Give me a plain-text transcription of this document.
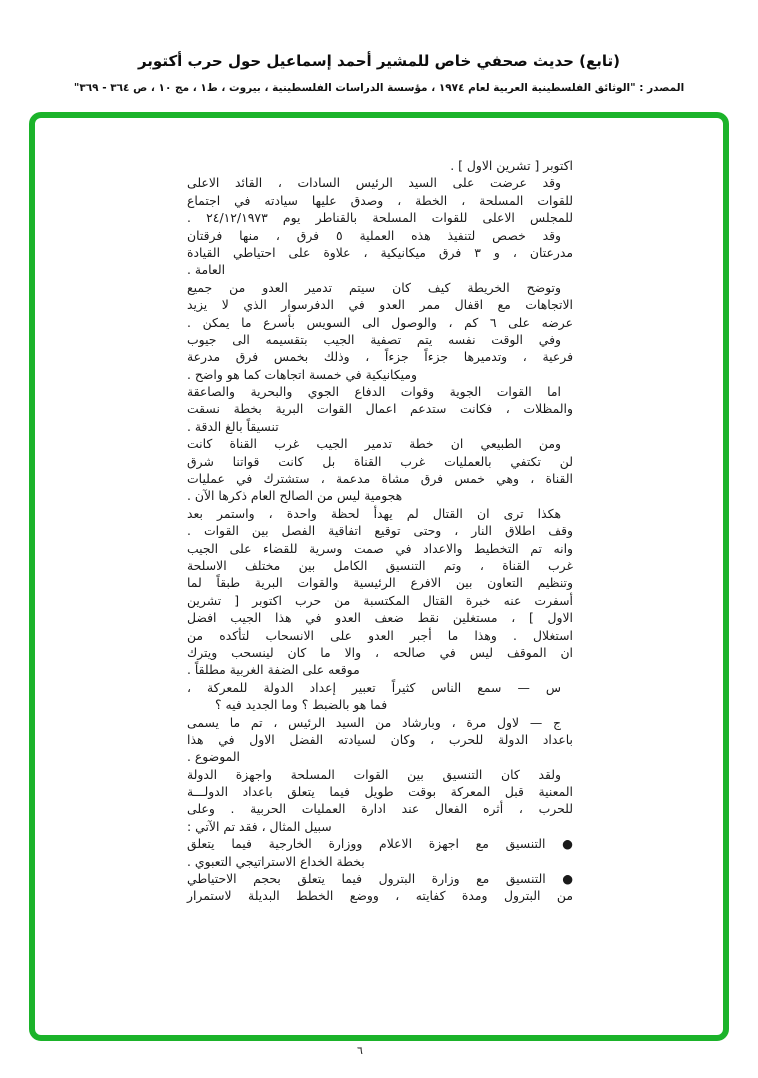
(تابع) حديث صحفي خاص للمشير أحمد إسماعيل حول حرب أكتوبر
المصدر : "الوثائق الفلسطينية العربية لعام ١٩٧٤ ، مؤسسة الدراسات الفلسطينية ، بيروت ، ط١ ، مج ١٠ ، ص ٣٦٤ - ٣٦٩"
اكتوبر [ تشرين الاول ] .
وقد عرضت على السيد الرئيس السادات ، القائد الاعلى
للقوات المسلحة ، الخطة ، وصدق عليها سيادته في اجتماع
للمجلس الاعلى للقوات المسلحة بالقناطر يوم ٢٤/١٢/١٩٧٣ .
وقد خصص لتنفيذ هذه العملية ٥ فرق ، منها فرقتان
مدرعتان ، و ٣ فرق ميكانيكية ، علاوة على احتياطي القيادة
العامة .
وتوضح الخريطة كيف كان سيتم تدمير العدو من جميع
الاتجاهات مع اقفال ممر العدو في الدفرسوار الذي لا يزيد
عرضه على ٦ كم ، والوصول الى السويس بأسرع ما يمكن .
وفي الوقت نفسه يتم تصفية الجيب بتقسيمه الى جيوب
فرعية ، وتدميرها جزءاً جزءاً ، وذلك بخمس فرق مدرعة
وميكانيكية في خمسة اتجاهات كما هو واضح .
اما القوات الجوية وقوات الدفاع الجوي والبحرية والصاعقة
والمظلات ، فكانت ستدعم اعمال القوات البرية بخطة نسقت
تنسيقاً بالغ الدقة .
ومن الطبيعي ان خطة تدمير الجيب غرب القناة كانت
لن تكتفي بالعمليات غرب القناة بل كانت قواتنا شرق
القناة ، وهي خمس فرق مشاة مدعمة ، ستشترك في عمليات
هجومية ليس من الصالح العام ذكرها الآن .
هكذا ترى ان القتال لم يهدأ لحظة واحدة ، واستمر بعد
وقف اطلاق النار ، وحتى توقيع اتفاقية الفصل بين القوات .
وانه تم التخطيط والاعداد في صمت وسرية للقضاء على الجيب
غرب القناة ، وتم التنسيق الكامل بين مختلف الاسلحة
وتنظيم التعاون بين الافرع الرئيسية والقوات البرية طبقاً لما
أسفرت عنه خبرة القتال المكتسبة من حرب اكتوبر [ تشرين
الاول ] ، مستغلين نقط ضعف العدو في هذا الجيب افضل
استغلال . وهذا ما أجبر العدو على الانسحاب لتأكده من
ان الموقف ليس في صالحه ، والا ما كان لينسحب ويترك
موقعه على الضفة الغربية مطلقاً .
س — سمع الناس كثيراً تعبير إعداد الدولة للمعركة ،
فما هو بالضبط ؟ وما الجديد فيه ؟
ج — لاول مرة ، وبارشاد من السيد الرئيس ، تم ما يسمى
باعداد الدولة للحرب ، وكان لسيادته الفضل الاول في هذا
الموضوع .
ولقد كان التنسيق بين القوات المسلحة واجهزة الدولة
المعنية قبل المعركة بوقت طويل فيما يتعلق باعداد الدولـــة
للحرب ، أثره الفعال عند ادارة العمليات الحربية . وعلى
سبيل المثال ، فقد تم الآتي :
● التنسيق مع اجهزة الاعلام ووزارة الخارجية فيما يتعلق
بخطة الخداع الاستراتيجي التعبوي .
● التنسيق مع وزارة البترول فيما يتعلق بحجم الاحتياطي
من البترول ومدة كفايته ، ووضع الخطط البديلة لاستمرار
٦
